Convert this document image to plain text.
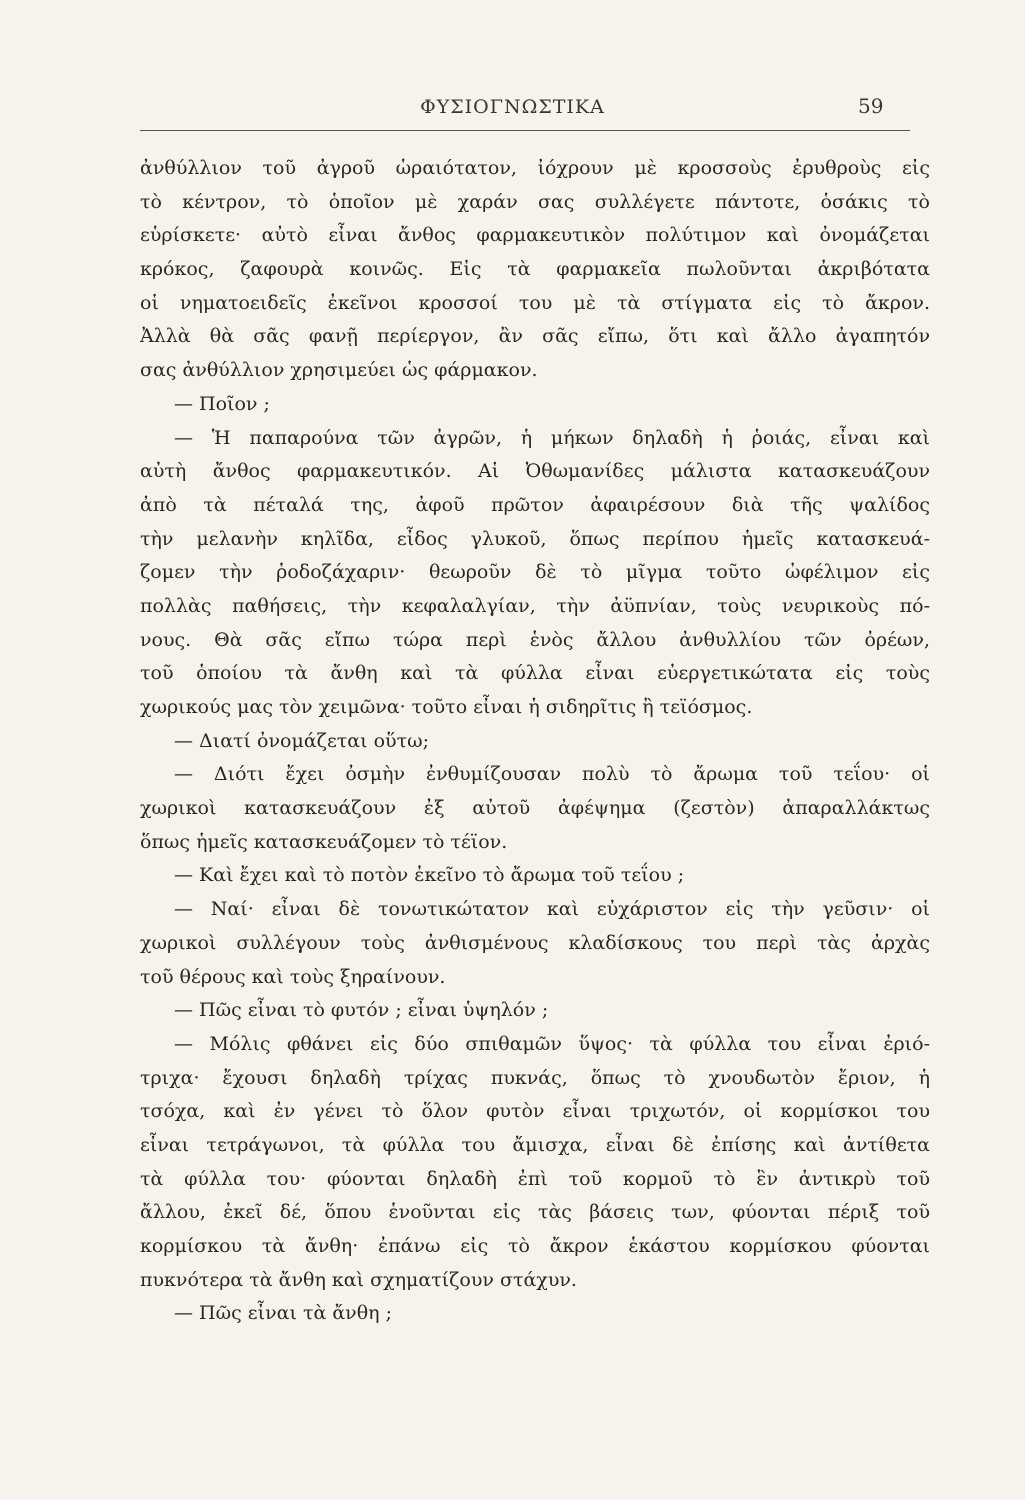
ΦΥΣΙΟΓΝΩΣΤΙΚΑ	59
ἀνθύλλιον τοῦ ἀγροῦ ὡραιότατον, ἰόχρουν μὲ κροσσοὺς ἐρυθροὺς εἰς
τὸ κέντρον, τὸ ὁποῖον μὲ χαράν σας συλλέγετε πάντοτε, ὁσάκις τὸ
εὑρίσκετε· αὐτὸ εἶναι ἄνθος φαρμακευτικὸν πολύτιμον καὶ ὀνομάζεται
κρόκος, ζαφουρὰ κοινῶς. Εἰς τὰ φαρμακεῖα πωλοῦνται ἀκριβότατα
οἱ νηματοειδεῖς ἐκεῖνοι κροσσοί του μὲ τὰ στίγματα εἰς τὸ ἄκρον.
Ἀλλὰ θὰ σᾶς φανῇ περίεργον, ἂν σᾶς εἴπω, ὅτι καὶ ἄλλο ἀγαπητόν
σας ἀνθύλλιον χρησιμεύει ὡς φάρμακον.
— Ποῖον ;
— Ἡ παπαρούνα τῶν ἀγρῶν, ἡ μήκων δηλαδὴ ἡ ῥοιάς, εἶναι καὶ
αὐτὴ ἄνθος φαρμακευτικόν. Αἱ Ὀθωμανίδες μάλιστα κατασκευάζουν
ἀπὸ τὰ πέταλά της, ἀφοῦ πρῶτον ἀφαιρέσουν διὰ τῆς ψαλίδος
τὴν μελανὴν κηλῖδα, εἶδος γλυκοῦ, ὅπως περίπου ἡμεῖς κατασκευά-
ζομεν τὴν ῥοδοζάχαριν· θεωροῦν δὲ τὸ μῖγμα τοῦτο ὠφέλιμον εἰς
πολλὰς παθήσεις, τὴν κεφαλαλγίαν, τὴν ἀϋπνίαν, τοὺς νευρικοὺς πό-
νους. Θὰ σᾶς εἴπω τώρα περὶ ἑνὸς ἄλλου ἀνθυλλίου τῶν ὀρέων,
τοῦ ὁποίου τὰ ἄνθη καὶ τὰ φύλλα εἶναι εὐεργετικώτατα εἰς τοὺς
χωρικούς μας τὸν χειμῶνα· τοῦτο εἶναι ἡ σιδηρῖτις ἢ τεϊόσμος.
— Διατί ὀνομάζεται οὕτω;
— Διότι ἔχει ὀσμὴν ἐνθυμίζουσαν πολὺ τὸ ἄρωμα τοῦ τεΐου· οἱ
χωρικοὶ κατασκευάζουν ἐξ αὐτοῦ ἀφέψημα (ζεστὸν) ἀπαραλλάκτως
ὅπως ἡμεῖς κατασκευάζομεν τὸ τέϊον.
— Καὶ ἔχει καὶ τὸ ποτὸν ἐκεῖνο τὸ ἄρωμα τοῦ τεΐου ;
— Ναί· εἶναι δὲ τονωτικώτατον καὶ εὐχάριστον εἰς τὴν γεῦσιν· οἱ
χωρικοὶ συλλέγουν τοὺς ἀνθισμένους κλαδίσκους του περὶ τὰς ἀρχὰς
τοῦ θέρους καὶ τοὺς ξηραίνουν.
— Πῶς εἶναι τὸ φυτόν ; εἶναι ὑψηλόν ;
— Μόλις φθάνει εἰς δύο σπιθαμῶν ὕψος· τὰ φύλλα του εἶναι ἐριό-
τριχα· ἔχουσι δηλαδὴ τρίχας πυκνάς, ὅπως τὸ χνουδωτὸν ἔριον, ἡ
τσόχα, καὶ ἐν γένει τὸ ὅλον φυτὸν εἶναι τριχωτόν, οἱ κορμίσκοι του
εἶναι τετράγωνοι, τὰ φύλλα του ἄμισχα, εἶναι δὲ ἐπίσης καὶ ἀντίθετα
τὰ φύλλα του· φύονται δηλαδὴ ἐπὶ τοῦ κορμοῦ τὸ ἓν ἀντικρὺ τοῦ
ἄλλου, ἐκεῖ δέ, ὅπου ἑνοῦνται εἰς τὰς βάσεις των, φύονται πέριξ τοῦ
κορμίσκου τὰ ἄνθη· ἐπάνω εἰς τὸ ἄκρον ἑκάστου κορμίσκου φύονται
πυκνότερα τὰ ἄνθη καὶ σχηματίζουν στάχυν.
— Πῶς εἶναι τὰ ἄνθη ;
